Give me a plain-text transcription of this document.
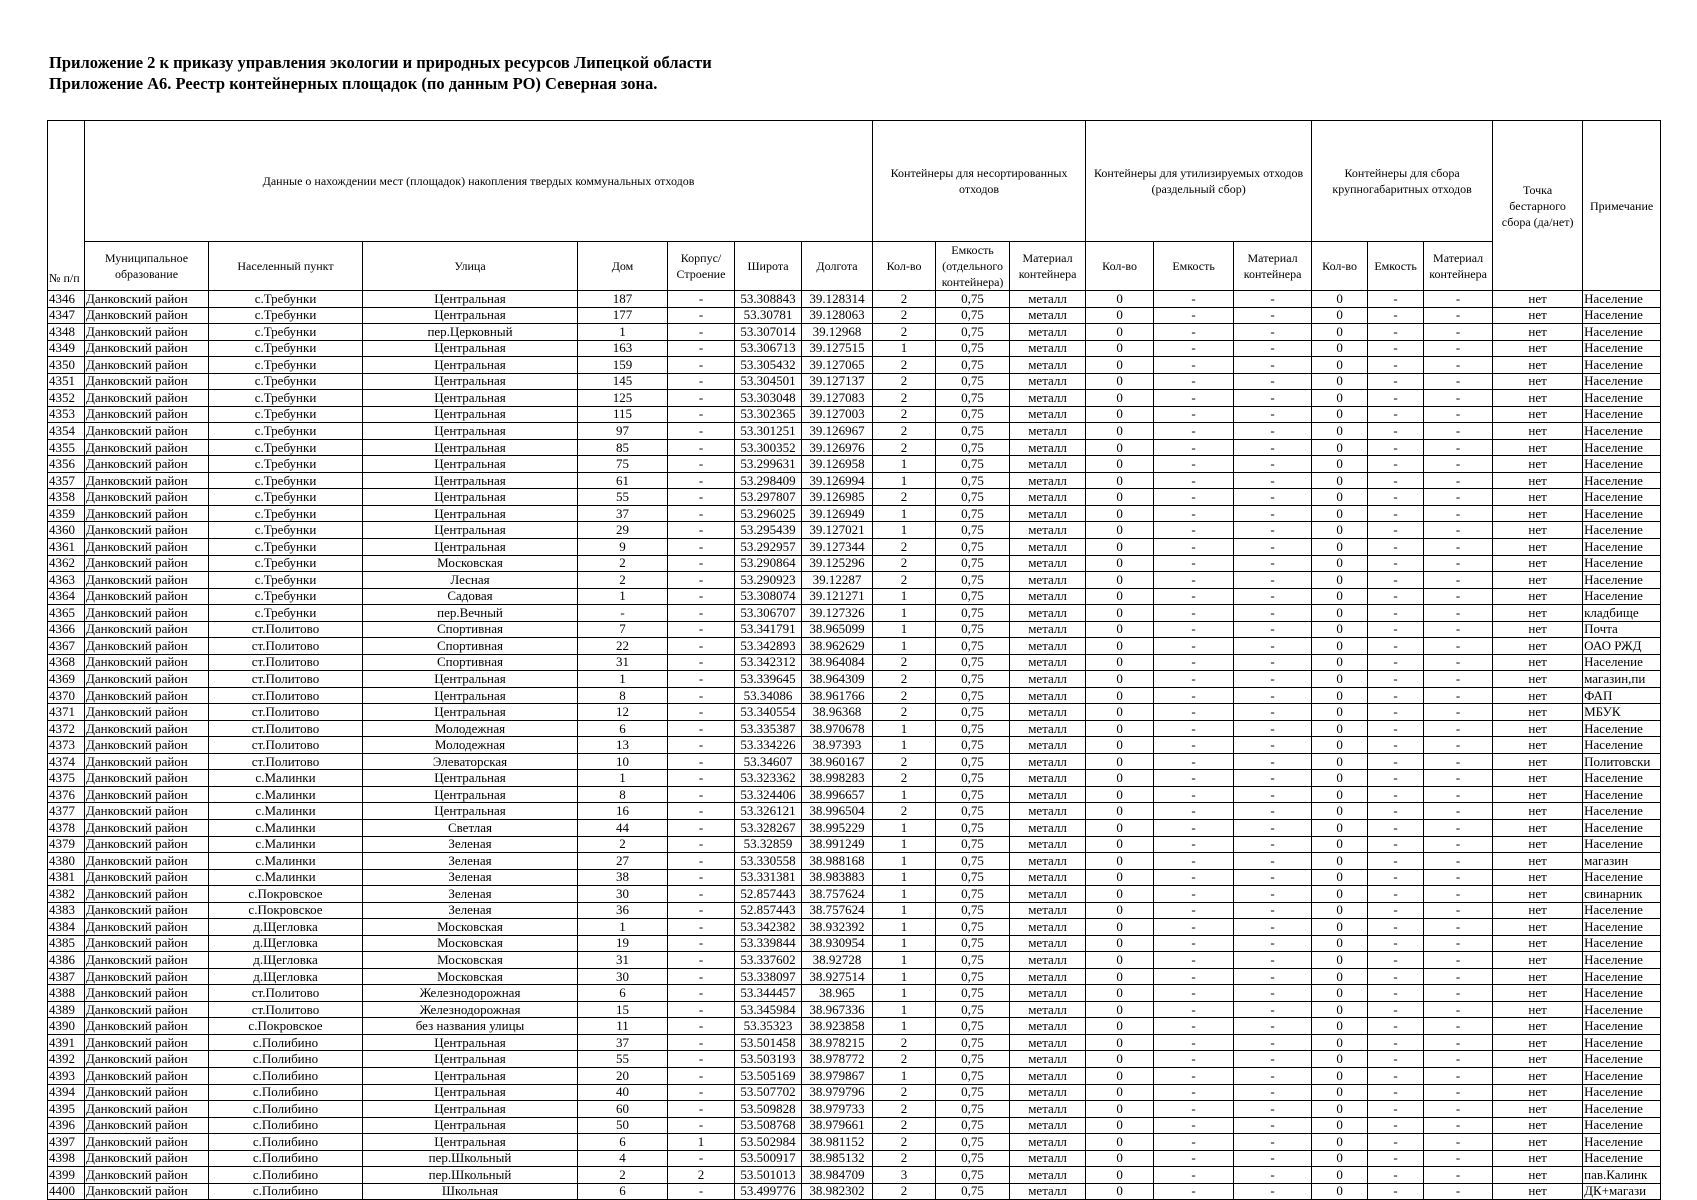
Приложение 2 к приказу управления экологии и природных ресурсов Липецкой области
Приложение А6. Реестр контейнерных площадок (по данным РО) Северная зона.
№ п/п	Данные о нахождении мест (площадок) накопления твердых коммунальных отходов							Контейнеры для несортированных отходов			Контейнеры для утилизируемых отходов (раздельный сбор)			Контейнеры для сбора крупногабаритных отходов			Точка бестарного сбора (да/нет)	Примечание
	Муниципальное образование	Населенный пункт	Улица	Дом	Корпус/ Строение	Широта	Долгота	Кол-во	Емкость (отдельного контейнера)	Материал контейнера	Кол-во	Емкость	Материал контейнера	Кол-во	Емкость	Материал контейнера		
4346	Данковский район	с.Требунки	Центральная	187	-	53.308843	39.128314	2	0,75	металл	0	-	-	0	-	-	нет	Население
4347	Данковский район	с.Требунки	Центральная	177	-	53.30781	39.128063	2	0,75	металл	0	-	-	0	-	-	нет	Население
4348	Данковский район	с.Требунки	пер.Церковный	1	-	53.307014	39.12968	2	0,75	металл	0	-	-	0	-	-	нет	Население
4349	Данковский район	с.Требунки	Центральная	163	-	53.306713	39.127515	1	0,75	металл	0	-	-	0	-	-	нет	Население
4350	Данковский район	с.Требунки	Центральная	159	-	53.305432	39.127065	2	0,75	металл	0	-	-	0	-	-	нет	Население
4351	Данковский район	с.Требунки	Центральная	145	-	53.304501	39.127137	2	0,75	металл	0	-	-	0	-	-	нет	Население
4352	Данковский район	с.Требунки	Центральная	125	-	53.303048	39.127083	2	0,75	металл	0	-	-	0	-	-	нет	Население
4353	Данковский район	с.Требунки	Центральная	115	-	53.302365	39.127003	2	0,75	металл	0	-	-	0	-	-	нет	Население
4354	Данковский район	с.Требунки	Центральная	97	-	53.301251	39.126967	2	0,75	металл	0	-	-	0	-	-	нет	Население
4355	Данковский район	с.Требунки	Центральная	85	-	53.300352	39.126976	2	0,75	металл	0	-	-	0	-	-	нет	Население
4356	Данковский район	с.Требунки	Центральная	75	-	53.299631	39.126958	1	0,75	металл	0	-	-	0	-	-	нет	Население
4357	Данковский район	с.Требунки	Центральная	61	-	53.298409	39.126994	1	0,75	металл	0	-	-	0	-	-	нет	Население
4358	Данковский район	с.Требунки	Центральная	55	-	53.297807	39.126985	2	0,75	металл	0	-	-	0	-	-	нет	Население
4359	Данковский район	с.Требунки	Центральная	37	-	53.296025	39.126949	1	0,75	металл	0	-	-	0	-	-	нет	Население
4360	Данковский район	с.Требунки	Центральная	29	-	53.295439	39.127021	1	0,75	металл	0	-	-	0	-	-	нет	Население
4361	Данковский район	с.Требунки	Центральная	9	-	53.292957	39.127344	2	0,75	металл	0	-	-	0	-	-	нет	Население
4362	Данковский район	с.Требунки	Московская	2	-	53.290864	39.125296	2	0,75	металл	0	-	-	0	-	-	нет	Население
4363	Данковский район	с.Требунки	Лесная	2	-	53.290923	39.12287	2	0,75	металл	0	-	-	0	-	-	нет	Население
4364	Данковский район	с.Требунки	Садовая	1	-	53.308074	39.121271	1	0,75	металл	0	-	-	0	-	-	нет	Население
4365	Данковский район	с.Требунки	пер.Вечный	-	-	53.306707	39.127326	1	0,75	металл	0	-	-	0	-	-	нет	кладбище
4366	Данковский район	ст.Политово	Спортивная	7	-	53.341791	38.965099	1	0,75	металл	0	-	-	0	-	-	нет	Почта
4367	Данковский район	ст.Политово	Спортивная	22	-	53.342893	38.962629	1	0,75	металл	0	-	-	0	-	-	нет	ОАО РЖД
4368	Данковский район	ст.Политово	Спортивная	31	-	53.342312	38.964084	2	0,75	металл	0	-	-	0	-	-	нет	Население
4369	Данковский район	ст.Политово	Центральная	1	-	53.339645	38.964309	2	0,75	металл	0	-	-	0	-	-	нет	магазин,пи
4370	Данковский район	ст.Политово	Центральная	8	-	53.34086	38.961766	2	0,75	металл	0	-	-	0	-	-	нет	ФАП
4371	Данковский район	ст.Политово	Центральная	12	-	53.340554	38.96368	2	0,75	металл	0	-	-	0	-	-	нет	МБУК
4372	Данковский район	ст.Политово	Молодежная	6	-	53.335387	38.970678	1	0,75	металл	0	-	-	0	-	-	нет	Население
4373	Данковский район	ст.Политово	Молодежная	13	-	53.334226	38.97393	1	0,75	металл	0	-	-	0	-	-	нет	Население
4374	Данковский район	ст.Политово	Элеваторская	10	-	53.34607	38.960167	2	0,75	металл	0	-	-	0	-	-	нет	Политовски
4375	Данковский район	с.Малинки	Центральная	1	-	53.323362	38.998283	2	0,75	металл	0	-	-	0	-	-	нет	Население
4376	Данковский район	с.Малинки	Центральная	8	-	53.324406	38.996657	1	0,75	металл	0	-	-	0	-	-	нет	Население
4377	Данковский район	с.Малинки	Центральная	16	-	53.326121	38.996504	2	0,75	металл	0	-	-	0	-	-	нет	Население
4378	Данковский район	с.Малинки	Светлая	44	-	53.328267	38.995229	1	0,75	металл	0	-	-	0	-	-	нет	Население
4379	Данковский район	с.Малинки	Зеленая	2	-	53.32859	38.991249	1	0,75	металл	0	-	-	0	-	-	нет	Население
4380	Данковский район	с.Малинки	Зеленая	27	-	53.330558	38.988168	1	0,75	металл	0	-	-	0	-	-	нет	магазин
4381	Данковский район	с.Малинки	Зеленая	38	-	53.331381	38.983883	1	0,75	металл	0	-	-	0	-	-	нет	Население
4382	Данковский район	с.Покровское	Зеленая	30	-	52.857443	38.757624	1	0,75	металл	0	-	-	0	-	-	нет	свинарник
4383	Данковский район	с.Покровское	Зеленая	36	-	52.857443	38.757624	1	0,75	металл	0	-	-	0	-	-	нет	Население
4384	Данковский район	д.Щегловка	Московская	1	-	53.342382	38.932392	1	0,75	металл	0	-	-	0	-	-	нет	Население
4385	Данковский район	д.Щегловка	Московская	19	-	53.339844	38.930954	1	0,75	металл	0	-	-	0	-	-	нет	Население
4386	Данковский район	д.Щегловка	Московская	31	-	53.337602	38.92728	1	0,75	металл	0	-	-	0	-	-	нет	Население
4387	Данковский район	д.Щегловка	Московская	30	-	53.338097	38.927514	1	0,75	металл	0	-	-	0	-	-	нет	Население
4388	Данковский район	ст.Политово	Железнодорожная	6	-	53.344457	38.965	1	0,75	металл	0	-	-	0	-	-	нет	Население
4389	Данковский район	ст.Политово	Железнодорожная	15	-	53.345984	38.967336	1	0,75	металл	0	-	-	0	-	-	нет	Население
4390	Данковский район	с.Покровское	без названия улицы	11	-	53.35323	38.923858	1	0,75	металл	0	-	-	0	-	-	нет	Население
4391	Данковский район	с.Полибино	Центральная	37	-	53.501458	38.978215	2	0,75	металл	0	-	-	0	-	-	нет	Население
4392	Данковский район	с.Полибино	Центральная	55	-	53.503193	38.978772	2	0,75	металл	0	-	-	0	-	-	нет	Население
4393	Данковский район	с.Полибино	Центральная	20	-	53.505169	38.979867	1	0,75	металл	0	-	-	0	-	-	нет	Население
4394	Данковский район	с.Полибино	Центральная	40	-	53.507702	38.979796	2	0,75	металл	0	-	-	0	-	-	нет	Население
4395	Данковский район	с.Полибино	Центральная	60	-	53.509828	38.979733	2	0,75	металл	0	-	-	0	-	-	нет	Население
4396	Данковский район	с.Полибино	Центральная	50	-	53.508768	38.979661	2	0,75	металл	0	-	-	0	-	-	нет	Население
4397	Данковский район	с.Полибино	Центральная	6	1	53.502984	38.981152	2	0,75	металл	0	-	-	0	-	-	нет	Население
4398	Данковский район	с.Полибино	пер.Школьный	4	-	53.500917	38.985132	2	0,75	металл	0	-	-	0	-	-	нет	Население
4399	Данковский район	с.Полибино	пер.Школьный	2	2	53.501013	38.984709	3	0,75	металл	0	-	-	0	-	-	нет	пав.Калинк
4400	Данковский район	с.Полибино	Школьная	6	-	53.499776	38.982302	2	0,75	металл	0	-	-	0	-	-	нет	ДК+магази
